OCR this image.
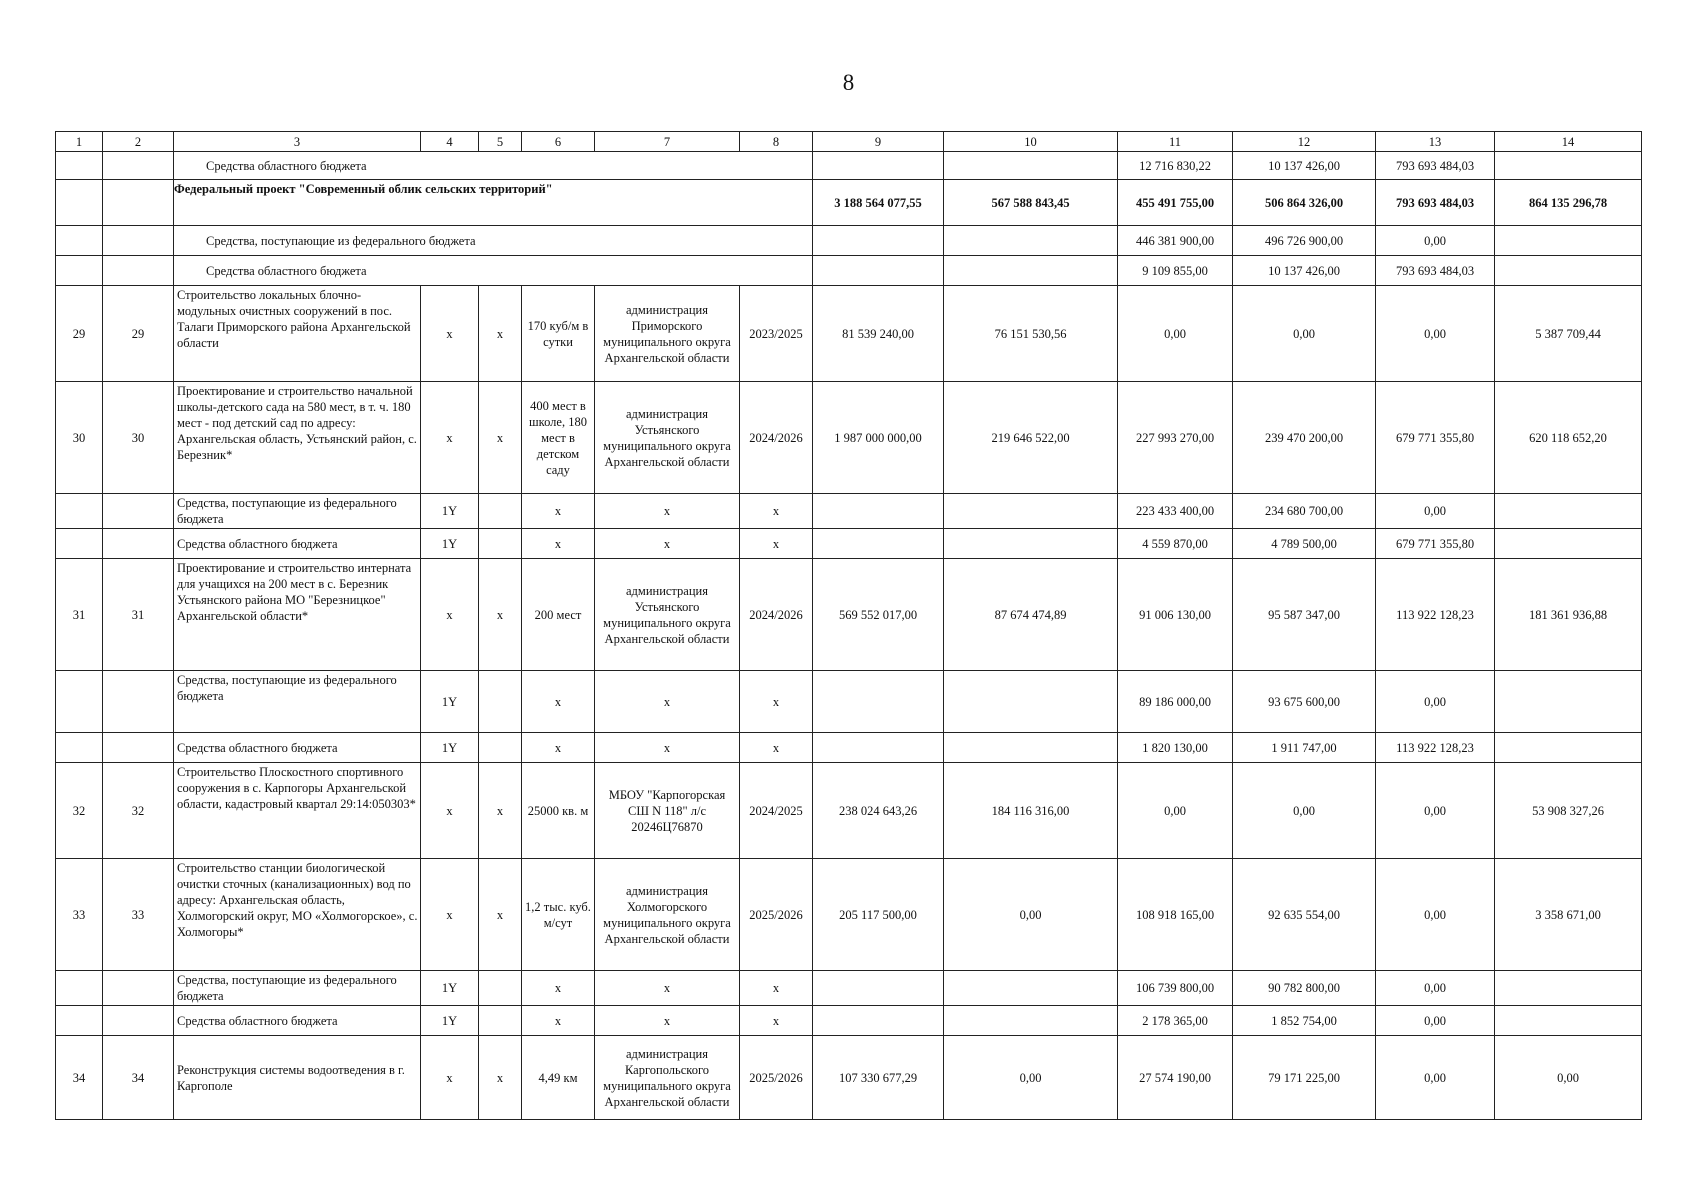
8
1	2	3	4	5	6	7	8	9	10	11	12	13	14
		Средства областного бюджета								12 716 830,22	10 137 426,00	793 693 484,03	
		Федеральный проект "Современный облик сельских территорий"						3 188 564 077,55	567 588 843,45	455 491 755,00	506 864 326,00	793 693 484,03	864 135 296,78
		Средства, поступающие из федерального бюджета								446 381 900,00	496 726 900,00	0,00	
		Средства областного бюджета								9 109 855,00	10 137 426,00	793 693 484,03	
29	29	Строительство локальных блочно-модульных очистных сооружений в пос. Талаги Приморского района Архангельской области	х	х	170 куб/м в сутки	администрация Приморского муниципального округа Архангельской области	2023/2025	81 539 240,00	76 151 530,56	0,00	0,00	0,00	5 387 709,44
30	30	Проектирование и строительство начальной школы-детского сада на 580 мест, в т. ч. 180 мест - под детский сад по адресу: Архангельская область, Устьянский район, с. Березник*	х	х	400 мест в школе, 180 мест в детском саду	администрация Устьянского муниципального округа Архангельской области	2024/2026	1 987 000 000,00	219 646 522,00	227 993 270,00	239 470 200,00	679 771 355,80	620 118 652,20
		Средства, поступающие из федерального бюджета	1Y		х	х	х			223 433 400,00	234 680 700,00	0,00	
		Средства областного бюджета	1Y		х	х	х			4 559 870,00	4 789 500,00	679 771 355,80	
31	31	Проектирование и строительство интерната для учащихся на 200 мест в с. Березник Устьянского района МО "Березницкое" Архангельской области*	х	х	200 мест	администрация Устьянского муниципального округа Архангельской области	2024/2026	569 552 017,00	87 674 474,89	91 006 130,00	95 587 347,00	113 922 128,23	181 361 936,88
		Средства, поступающие из федерального бюджета	1Y		х	х	х			89 186 000,00	93 675 600,00	0,00	
		Средства областного бюджета	1Y		х	х	х			1 820 130,00	1 911 747,00	113 922 128,23	
32	32	Строительство Плоскостного спортивного сооружения в с. Карпогоры Архангельской области, кадастровый квартал 29:14:050303*	х	х	25000 кв. м	МБОУ "Карпогорская СШ N 118" л/с 20246Ц76870	2024/2025	238 024 643,26	184 116 316,00	0,00	0,00	0,00	53 908 327,26
33	33	Строительство станции биологической очистки сточных (канализационных) вод по адресу: Архангельская область, Холмогорский округ, МО «Холмогорское», с. Холмогоры*	х	х	1,2 тыс. куб. м/сут	администрация Холмогорского муниципального округа Архангельской области	2025/2026	205 117 500,00	0,00	108 918 165,00	92 635 554,00	0,00	3 358 671,00
		Средства, поступающие из федерального бюджета	1Y		х	х	х			106 739 800,00	90 782 800,00	0,00	
		Средства областного бюджета	1Y		х	х	х			2 178 365,00	1 852 754,00	0,00	
34	34	Реконструкция системы водоотведения в г. Каргополе	х	х	4,49 км	администрация Каргопольского муниципального округа Архангельской области	2025/2026	107 330 677,29	0,00	27 574 190,00	79 171 225,00	0,00	0,00
